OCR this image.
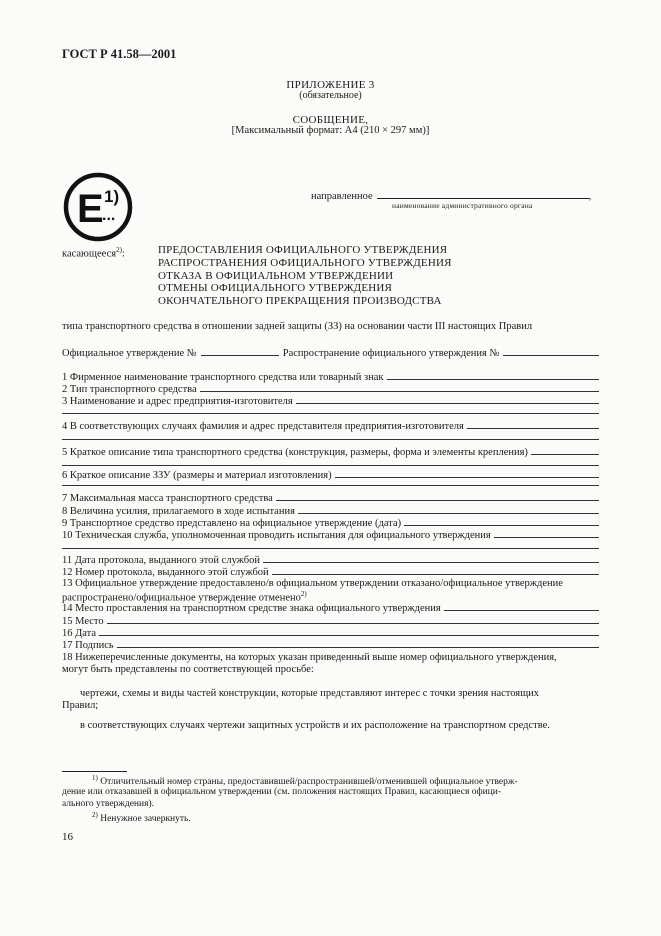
ГОСТ Р 41.58—2001
ПРИЛОЖЕНИЕ 3
(обязательное)
СООБЩЕНИЕ,
[Максимальный формат: А4 (210 × 297 мм)]
E 1)
...
направленное	,
наименование административного органа
касающееся$^{2)}$:	ПРЕДОСТАВЛЕНИЯ ОФИЦИАЛЬНОГО УТВЕРЖДЕНИЯ
РАСПРОСТРАНЕНИЯ ОФИЦИАЛЬНОГО УТВЕРЖДЕНИЯ
ОТКАЗА В ОФИЦИАЛЬНОМ УТВЕРЖДЕНИИ
ОТМЕНЫ ОФИЦИАЛЬНОГО УТВЕРЖДЕНИЯ
ОКОНЧАТЕЛЬНОГО ПРЕКРАЩЕНИЯ ПРОИЗВОДСТВА
типа транспортного средства в отношении задней защиты (ЗЗ) на основании части III настоящих Правил
Официальное утверждение №	Распространение официального утверждения №
1 Фирменное наименование транспортного средства или товарный знак
2 Тип транспортного средства
3 Наименование и адрес предприятия-изготовителя
4 В соответствующих случаях фамилия и адрес представителя предприятия-изготовителя
5 Краткое описание типа транспортного средства (конструкция, размеры, форма и элементы крепления)
6 Краткое описание ЗЗУ (размеры и материал изготовления)
7 Максимальная масса транспортного средства
8 Величина усилия, прилагаемого в ходе испытания
9 Транспортное средство представлено на официальное утверждение (дата)
10 Техническая служба, уполномоченная проводить испытания для официального утверждения
11 Дата протокола, выданного этой службой
12 Номер протокола, выданного этой службой
13 Официальное утверждение предоставлено/в официальном утверждении отказано/официальное утверждение
распространено/официальное утверждение отменено$^{2)}$
14 Место проставления на транспортном средстве знака официального утверждения
15 Место
16 Дата
17 Подпись
18 Нижеперечисленные документы, на которых указан приведенный выше номер официального утверждения,
могут быть представлены по соответствующей просьбе:
чертежи, схемы и виды частей конструкции, которые представляют интерес с точки зрения настоящих
Правил;
в соответствующих случаях чертежи защитных устройств и их расположение на транспортном средстве.
$^{1)}$ Отличительный номер страны, предоставившей/распространившей/отменившей официальное утверж-
дение или отказавшей в официальном утверждении (см. положения настоящих Правил, касающиеся офици-
ального утверждения).
$^{2)}$ Ненужное зачеркнуть.
16
